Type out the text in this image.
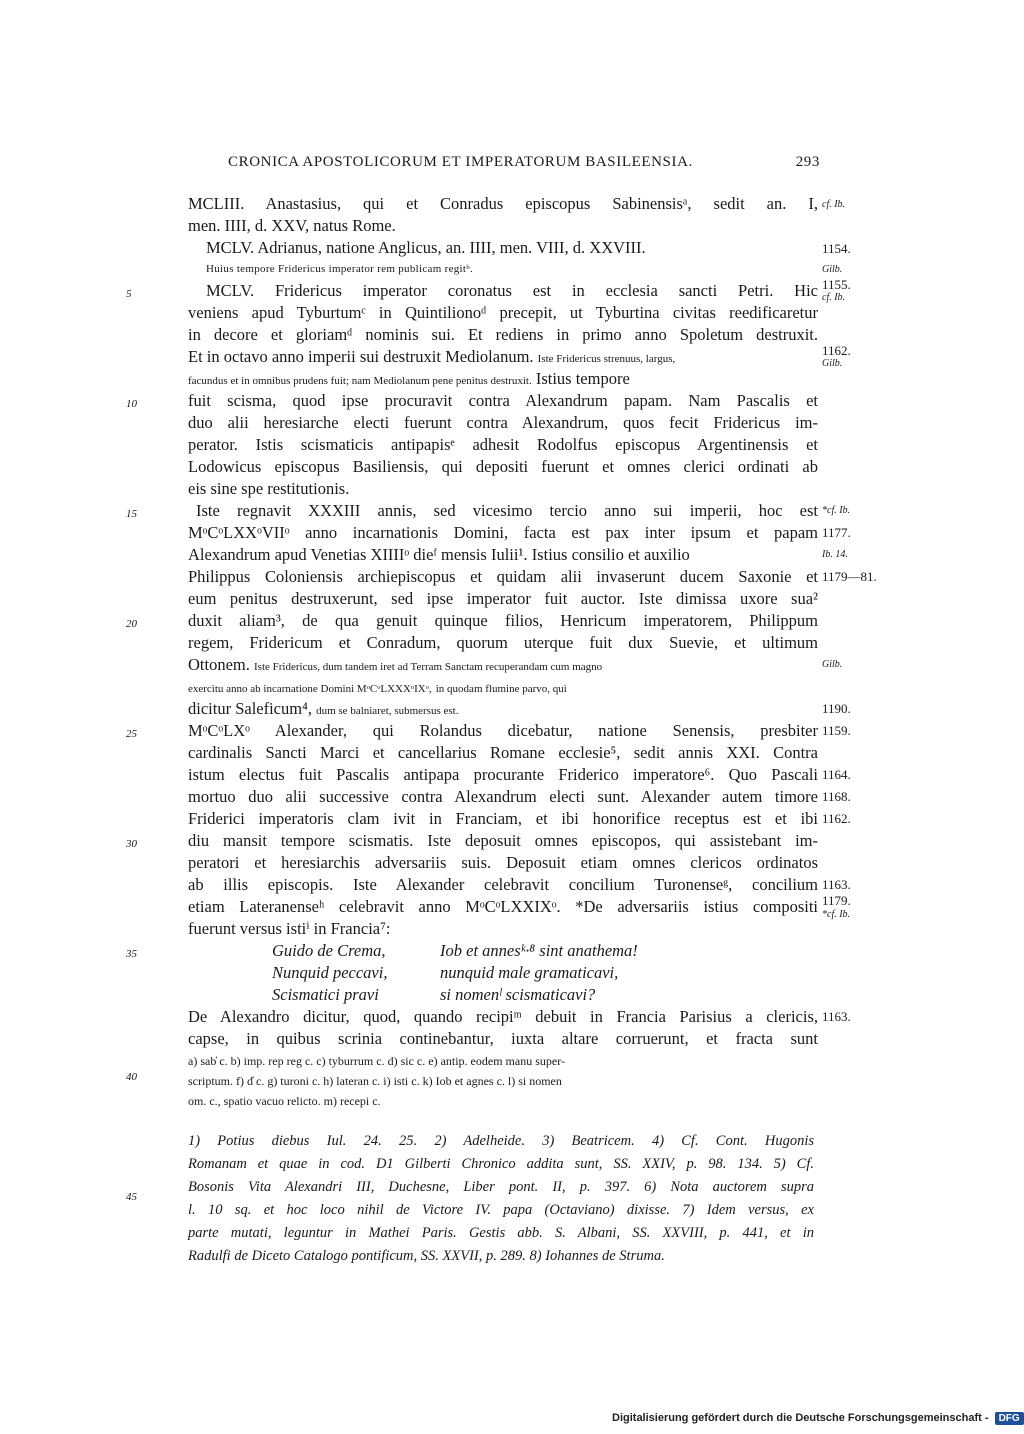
CRONICA APOSTOLICORUM ET IMPERATORUM BASILEENSIA.	293
MCLIII. Anastasius, qui et Conradus episcopus Sabinensisᵃ, sedit an. I,
men. IIII, d. XXV, natus Rome.
MCLV. Adrianus, natione Anglicus, an. IIII, men. VIII, d. XXVIII.
Huius tempore Fridericus imperator rem publicam regitᵇ.
MCLV. Fridericus imperator coronatus est in ecclesia sancti Petri. Hic
veniens apud Tyburtumᶜ in Quintilionoᵈ precepit, ut Tyburtina civitas reedificaretur
in decore et gloriamᵈ nominis sui. Et rediens in primo anno Spoletum destruxit.
Et in octavo anno imperii sui destruxit Mediolanum. Iste Fridericus strenuus, largus,
facundus et in omnibus prudens fuit; nam Mediolanum pene penitus destruxit. Istius tempore
fuit scisma, quod ipse procuravit contra Alexandrum papam. Nam Pascalis et
duo alii heresiarche electi fuerunt contra Alexandrum, quos fecit Fridericus im-
perator. Istis scismaticis antipapisᵉ adhesit Rodolfus episcopus Argentinensis et
Lodowicus episcopus Basiliensis, qui depositi fuerunt et omnes clerici ordinati ab
eis sine spe restitutionis.
Iste regnavit XXXIII annis, sed vicesimo tercio anno sui imperii, hoc est
MᵒCᵒLXXᵒVIIᵒ anno incarnationis Domini, facta est pax inter ipsum et papam
Alexandrum apud Venetias XIIIIᵒ dieᶠ mensis Iulii¹. Istius consilio et auxilio
Philippus Coloniensis archiepiscopus et quidam alii invaserunt ducem Saxonie et
eum penitus destruxerunt, sed ipse imperator fuit auctor. Iste dimissa uxore sua²
duxit aliam³, de qua genuit quinque filios, Henricum imperatorem, Philippum
regem, Fridericum et Conradum, quorum uterque fuit dux Suevie, et ultimum
Ottonem. Iste Fridericus, dum tandem iret ad Terram Sanctam recuperandam cum magno
exercitu anno ab incarnatione Domini MᵒCᵒLXXXᵒIXᵒ, in quodam flumine parvo, qui
dicitur Saleficum⁴, dum se balniaret, submersus est.
MᵒCᵒLXᵒ Alexander, qui Rolandus dicebatur, natione Senensis, presbiter
cardinalis Sancti Marci et cancellarius Romane ecclesie⁵, sedit annis XXI. Contra
istum electus fuit Pascalis antipapa procurante Friderico imperatore⁶. Quo Pascali
mortuo duo alii successive contra Alexandrum electi sunt. Alexander autem timore
Friderici imperatoris clam ivit in Franciam, et ibi honorifice receptus est et ibi
diu mansit tempore scismatis. Iste deposuit omnes episcopos, qui assistebant im-
peratori et heresiarchis adversariis suis. Deposuit etiam omnes clericos ordinatos
ab illis episcopis. Iste Alexander celebravit concilium Turonenseᵍ, concilium
etiam Lateranenseʰ celebravit anno MᵒCᵒLXXIXᵒ. *De adversariis istius compositi
fuerunt versus istiⁱ in Francia⁷:
Guido de Crema,	Iob et annesᵏ·⁸ sint anathema!
Nunquid peccavi,	nunquid male gramaticavi,
Scismatici pravi	si nomenˡ scismaticavi?
De Alexandro dicitur, quod, quando recipiᵐ debuit in Francia Parisius a clericis,
capse, in quibus scrinia continebantur, iuxta altare corruerunt, et fracta sunt
5
10
15
20
25
30
35
40
45
cf. Ib.
1154.
Gilb.
1155.
cf. Ib.
1162.
Gilb.
*cf. Ib.
1177.
Ib. 14.
1179—81.
Gilb.
1190.
1159.
1164.
1168.
1162.
1163.
1179.
*cf. Ib.
1163.
a) sab̓ c. b) imp. rep reg c. c) tyburrum c. d) sic c. e) antip. eodem manu super-
scriptum. f) d̓ c. g) turoni c. h) lateran c. i) isti c. k) Iob et agnes c. l) si nomen
om. c., spatio vacuo relicto. m) recepi c.
1) Potius diebus Iul. 24. 25. 2) Adelheide. 3) Beatricem. 4) Cf. Cont. Hugonis
Romanam et quae in cod. D1 Gilberti Chronico addita sunt, SS. XXIV, p. 98. 134. 5) Cf.
Bosonis Vita Alexandri III, Duchesne, Liber pont. II, p. 397. 6) Nota auctorem supra
l. 10 sq. et hoc loco nihil de Victore IV. papa (Octaviano) dixisse. 7) Idem versus, ex
parte mutati, leguntur in Mathei Paris. Gestis abb. S. Albani, SS. XXVIII, p. 441, et in
Radulfi de Diceto Catalogo pontificum, SS. XXVII, p. 289. 8) Iohannes de Struma.
Digitalisierung gefördert durch die Deutsche Forschungsgemeinschaft - DFG
